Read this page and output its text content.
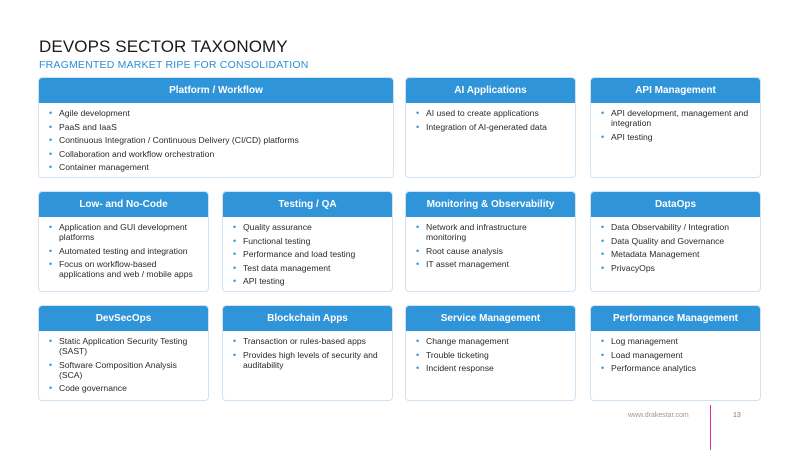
DEVOPS SECTOR TAXONOMY
FRAGMENTED MARKET RIPE FOR CONSOLIDATION
Platform / Workflow
• Agile development
• PaaS and IaaS
• Continuous Integration / Continuous Delivery (CI/CD) platforms
• Collaboration and workflow orchestration
• Container management
AI Applications
• AI used to create applications
• Integration of AI-generated data
API Management
• API development, management and integration
• API testing
Low- and No-Code
• Application and GUI development platforms
• Automated testing and integration
• Focus on workflow-based applications and web / mobile apps
Testing / QA
• Quality assurance
• Functional testing
• Performance and load testing
• Test data management
• API testing
Monitoring & Observability
• Network and infrastructure monitoring
• Root cause analysis
• IT asset management
DataOps
• Data Observability / Integration
• Data Quality and Governance
• Metadata Management
• PrivacyOps
DevSecOps
• Static Application Security Testing (SAST)
• Software Composition Analysis (SCA)
• Code governance
Blockchain Apps
• Transaction or rules-based apps
• Provides high levels of security and auditability
Service Management
• Change management
• Trouble ticketing
• Incident response
Performance Management
• Log management
• Load management
• Performance analytics
www.drakestar.com	13
